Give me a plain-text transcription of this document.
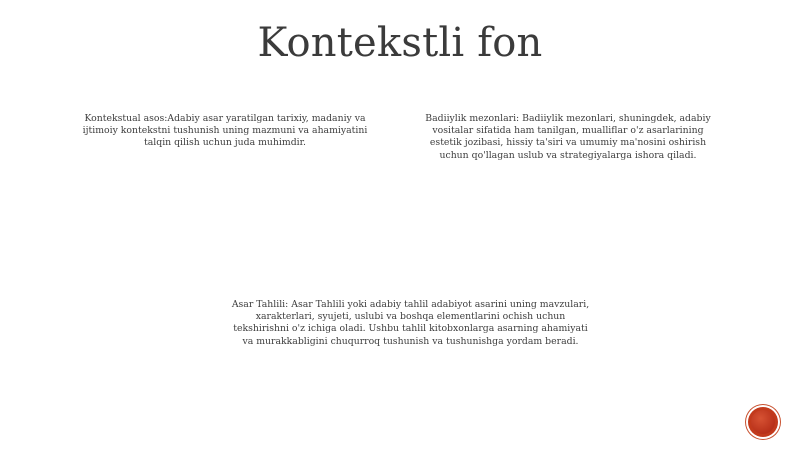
Kontekstli fon

Kontekstual asos:Adabiy asar yaratilgan tarixiy, madaniy va ijtimoiy kontekstni tushunish uning mazmuni va ahamiyatini talqin qilish uchun juda muhimdir.

Badiiylik mezonlari: Badiiylik mezonlari, shuningdek, adabiy vositalar sifatida ham tanilgan, mualliflar o'z asarlarining estetik jozibasi, hissiy ta'siri va umumiy ma'nosini oshirish uchun qo'llagan uslub va strategiyalarga ishora qiladi.

Asar Tahlili: Asar Tahlili yoki adabiy tahlil adabiyot asarini uning mavzulari, xarakterlari, syujeti, uslubi va boshqa elementlarini ochish uchun tekshirishni o'z ichiga oladi. Ushbu tahlil kitobxonlarga asarning ahamiyati va murakkabligini chuqurroq tushunish va tushunishga yordam beradi.
